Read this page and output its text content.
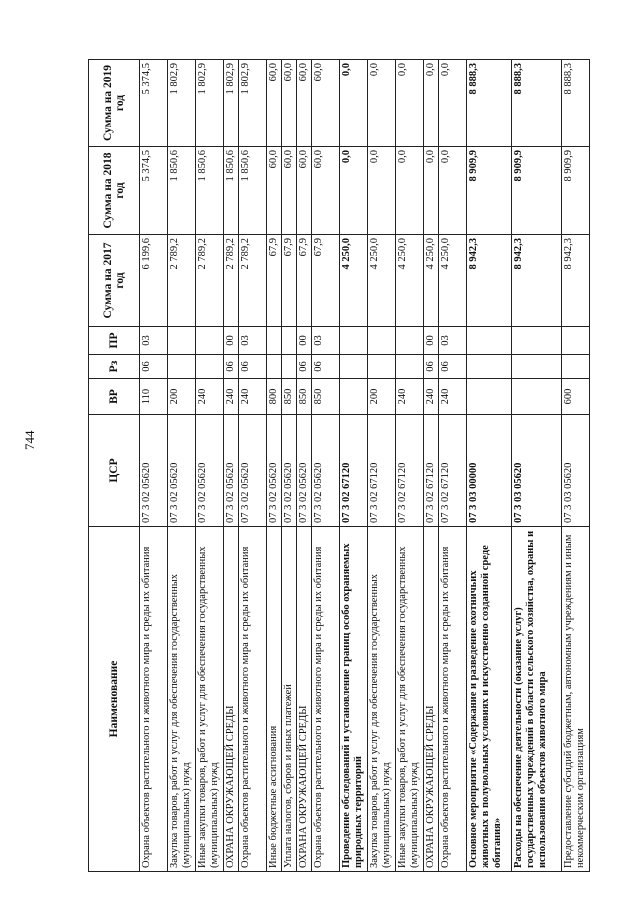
744
Наименование	ЦСР	ВР	Рз	ПР	Сумма на 2017 год	Сумма на 2018 год	Сумма на 2019 год
Охрана объектов растительного и животного мира и среды их обитания	07 3 02 05620	110	06	03	6 199,6	5 374,5	5 374,5
Закупка товаров, работ и услуг для обеспечения государственных (муниципальных) нужд	07 3 02 05620	200			2 789,2	1 850,6	1 802,9
Иные закупки товаров, работ и услуг для обеспечения государственных (муниципальных) нужд	07 3 02 05620	240			2 789,2	1 850,6	1 802,9
ОХРАНА ОКРУЖАЮЩЕЙ СРЕДЫ	07 3 02 05620	240	06	00	2 789,2	1 850,6	1 802,9
Охрана объектов растительного и животного мира и среды их обитания	07 3 02 05620	240	06	03	2 789,2	1 850,6	1 802,9
Иные бюджетные ассигнования	07 3 02 05620	800			67,9	60,0	60,0
Уплата налогов, сборов и иных платежей	07 3 02 05620	850			67,9	60,0	60,0
ОХРАНА ОКРУЖАЮЩЕЙ СРЕДЫ	07 3 02 05620	850	06	00	67,9	60,0	60,0
Охрана объектов растительного и животного мира и среды их обитания	07 3 02 05620	850	06	03	67,9	60,0	60,0
Проведение обследований и установление границ особо охраняемых природных территорий	07 3 02 67120				4 250,0	0,0	0,0
Закупка товаров, работ и услуг для обеспечения государственных (муниципальных) нужд	07 3 02 67120	200			4 250,0	0,0	0,0
Иные закупки товаров, работ и услуг для обеспечения государственных (муниципальных) нужд	07 3 02 67120	240			4 250,0	0,0	0,0
ОХРАНА ОКРУЖАЮЩЕЙ СРЕДЫ	07 3 02 67120	240	06	00	4 250,0	0,0	0,0
Охрана объектов растительного и животного мира и среды их обитания	07 3 02 67120	240	06	03	4 250,0	0,0	0,0
Основное мероприятие «Содержание и разведение охотничьих животных в полувольных условиях и искусственно созданной среде обитания»	07 3 03 00000				8 942,3	8 909,9	8 888,3
Расходы на обеспечение деятельности (оказание услуг) государственных учреждений в области сельского хозяйства, охраны и использования объектов животного мира	07 3 03 05620				8 942,3	8 909,9	8 888,3
Предоставление субсидий бюджетным, автономным учреждениям и иным некоммерческим организациям	07 3 03 05620	600			8 942,3	8 909,9	8 888,3
